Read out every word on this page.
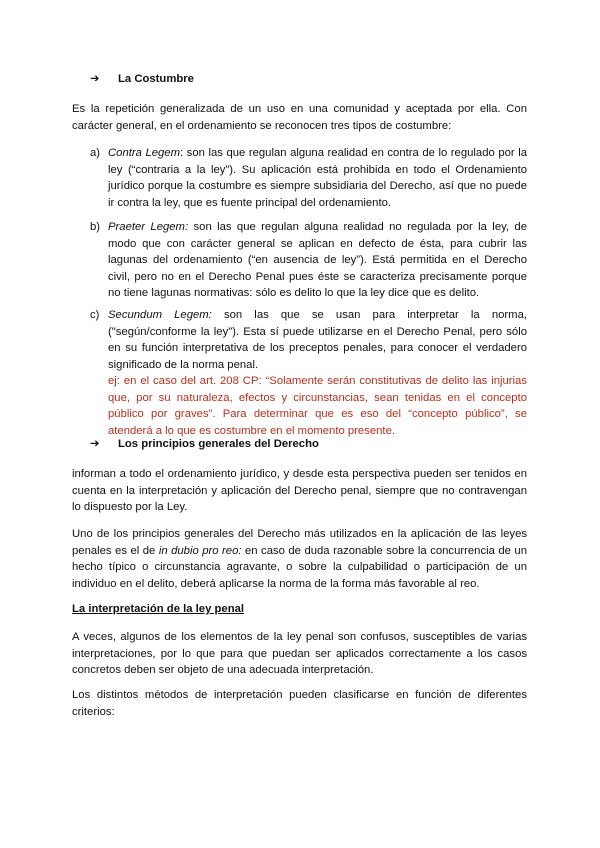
➔ La Costumbre
Es la repetición generalizada de un uso en una comunidad y aceptada por ella. Con carácter general, en el ordenamiento se reconocen tres tipos de costumbre:
a) Contra Legem: son las que regulan alguna realidad en contra de lo regulado por la ley (“contraria a la ley”). Su aplicación está prohibida en todo el Ordenamiento jurídico porque la costumbre es siempre subsidiaria del Derecho, así que no puede ir contra la ley, que es fuente principal del ordenamiento.
b) Praeter Legem: son las que regulan alguna realidad no regulada por la ley, de modo que con carácter general se aplican en defecto de ésta, para cubrir las lagunas del ordenamiento (“en ausencia de ley”). Está permitida en el Derecho civil, pero no en el Derecho Penal pues éste se caracteriza precisamente porque no tiene lagunas normativas: sólo es delito lo que la ley dice que es delito.
c) Secundum Legem: son las que se usan para interpretar la norma, ("según/conforme la ley"). Esta sí puede utilizarse en el Derecho Penal, pero sólo en su función interpretativa de los preceptos penales, para conocer el verdadero significado de la norma penal.
ej: en el caso del art. 208 CP: “Solamente serán constitutivas de delito las injurias que, por su naturaleza, efectos y circunstancias, sean tenidas en el concepto público por graves”. Para determinar que es eso del “concepto público”, se atenderá a lo que es costumbre en el momento presente.
➔ Los principios generales del Derecho
informan a todo el ordenamiento jurídico, y desde esta perspectiva pueden ser tenidos en cuenta en la interpretación y aplicación del Derecho penal, siempre que no contravengan lo dispuesto por la Ley.
Uno de los principios generales del Derecho más utilizados en la aplicación de las leyes penales es el de in dubio pro reo: en caso de duda razonable sobre la concurrencia de un hecho típico o circunstancia agravante, o sobre la culpabilidad o participación de un individuo en el delito, deberá aplicarse la norma de la forma más favorable al reo.
La interpretación de la ley penal
A veces, algunos de los elementos de la ley penal son confusos, susceptibles de varias interpretaciones, por lo que para que puedan ser aplicados correctamente a los casos concretos deben ser objeto de una adecuada interpretación.
Los distintos métodos de interpretación pueden clasificarse en función de diferentes criterios:
